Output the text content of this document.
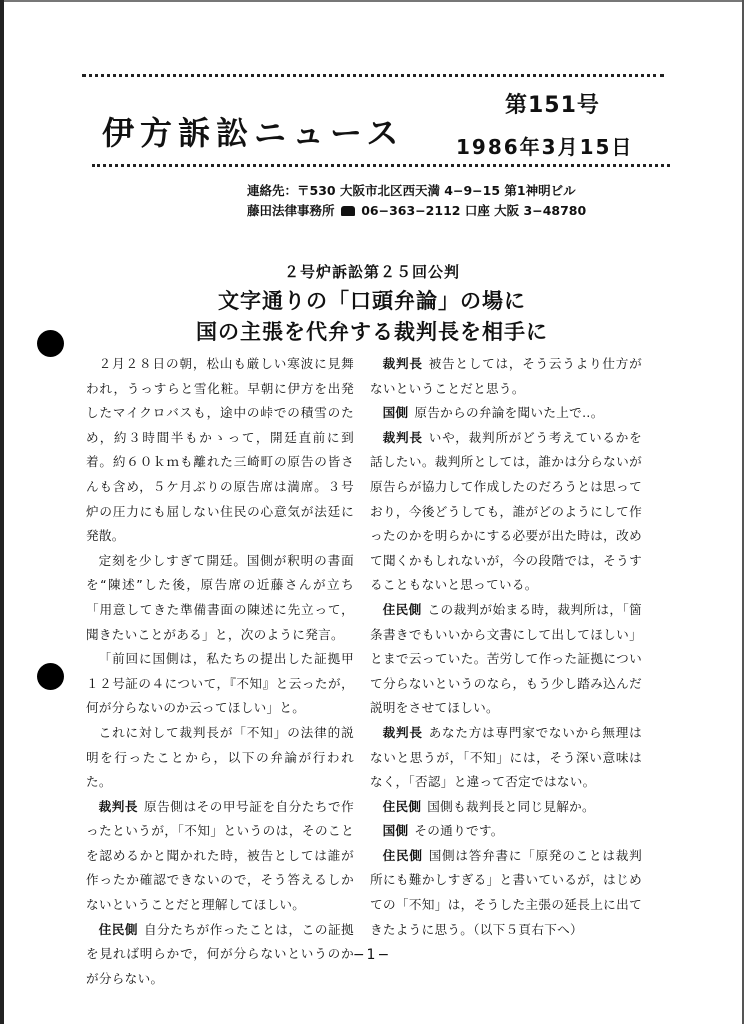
伊方訴訟ニュース
第151号
1986年3月15日
連絡先：〒530 大阪市北区西天満 4−9−15 第1神明ビル
藤田法律事務所 06−363−2112 口座 大阪 3−48780
２号炉訴訟第２５回公判
文字通りの「口頭弁論」の場に
国の主張を代弁する裁判長を相手に

２月２８日の朝，松山も厳しい寒波に見舞われ，うっすらと雪化粧。早朝に伊方を出発したマイクロバスも，途中の峠での積雪のため，約３時間半もかゝって，開廷直前に到着。約６０ｋｍも離れた三崎町の原告の皆さんも含め，５ケ月ぶりの原告席は満席。３号炉の圧力にも屈しない住民の心意気が法廷に発散。

定刻を少しすぎて開廷。国側が釈明の書面を“陳述”した後，原告席の近藤さんが立ち「用意してきた準備書面の陳述に先立って，聞きたいことがある」と，次のように発言。

「前回に国側は，私たちの提出した証拠甲１２号証の４について，『不知』と云ったが，何が分らないのか云ってほしい」と。

これに対して裁判長が「不知」の法律的説明を行ったことから，以下の弁論が行われた。

裁判長 原告側はその甲号証を自分たちで作ったというが，「不知」というのは，そのことを認めるかと聞かれた時，被告としては誰が作ったか確認できないので，そう答えるしかないということだと理解してほしい。

住民側 自分たちが作ったことは，この証拠を見れば明らかで，何が分らないというのかが分らない。

裁判長 被告としては，そう云うより仕方がないということだと思う。

国側 原告からの弁論を聞いた上で‥。

裁判長 いや，裁判所がどう考えているかを話したい。裁判所としては，誰かは分らないが原告らが協力して作成したのだろうとは思っており，今後どうしても，誰がどのようにして作ったのかを明らかにする必要が出た時は，改めて聞くかもしれないが，今の段階では，そうすることもないと思っている。

住民側 この裁判が始まる時，裁判所は，「箇条書きでもいいから文書にして出してほしい」とまで云っていた。苦労して作った証拠について分らないというのなら，もう少し踏み込んだ説明をさせてほしい。

裁判長 あなた方は専門家でないから無理はないと思うが，「不知」には，そう深い意味はなく，「否認」と違って否定ではない。

住民側 国側も裁判長と同じ見解か。

国側 その通りです。

住民側 国側は答弁書に「原発のことは裁判所にも難かしすぎる」と書いているが，はじめての「不知」は，そうした主張の延長上に出てきたように思う。（以下５頁右下へ）

−1−
